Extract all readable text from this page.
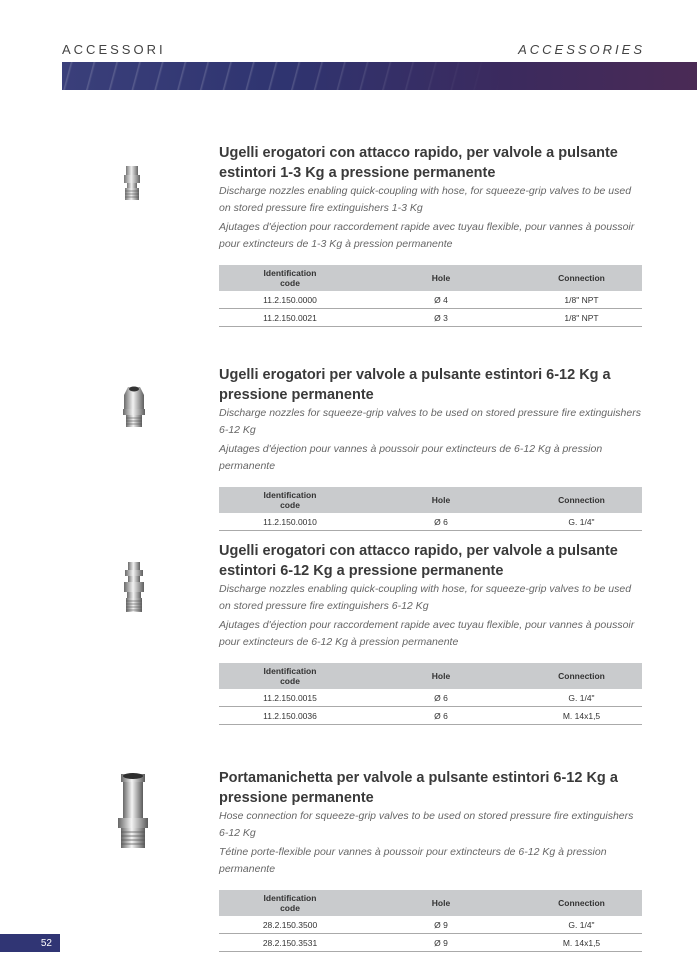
ACCESSORI	ACCESSORIES
Ugelli erogatori con attacco rapido, per valvole a pulsante estintori 1-3 Kg a pressione permanente
Discharge nozzles enabling quick-coupling with hose, for squeeze-grip valves to be used on stored pressure fire extinguishers 1-3 Kg
Ajutages d'éjection pour raccordement rapide avec tuyau flexible, pour vannes à poussoir pour extincteurs de 1-3 Kg à pression permanente
Identification
code	Hole	Connection
11.2.150.0000	Ø 4	1/8" NPT
11.2.150.0021	Ø 3	1/8" NPT
Ugelli erogatori per valvole a pulsante estintori 6-12 Kg a pressione permanente
Discharge nozzles for squeeze-grip valves to be used on stored pressure fire extinguishers 6-12 Kg
Ajutages d'éjection pour vannes à poussoir pour extincteurs de 6-12 Kg à pression permanente
Identification
code	Hole	Connection
11.2.150.0010	Ø 6	G. 1/4"
Ugelli erogatori con attacco rapido, per valvole a pulsante estintori 6-12 Kg a pressione permanente
Discharge nozzles enabling quick-coupling with hose, for squeeze-grip valves to be used on stored pressure fire extinguishers 6-12 Kg
Ajutages d'éjection pour raccordement rapide avec tuyau flexible, pour vannes à poussoir pour extincteurs de 6-12 Kg à pression permanente
Identification
code	Hole	Connection
11.2.150.0015	Ø 6	G. 1/4"
11.2.150.0036	Ø 6	M. 14x1,5
Portamanichetta per valvole a pulsante estintori 6-12 Kg a pressione permanente
Hose connection for squeeze-grip valves to be used on stored pressure fire extinguishers 6-12 Kg
Tétine porte-flexible pour vannes à poussoir pour extincteurs de 6-12 Kg à pression permanente
Identification
code	Hole	Connection
28.2.150.3500	Ø 9	G. 1/4"
28.2.150.3531	Ø 9	M. 14x1,5
52
